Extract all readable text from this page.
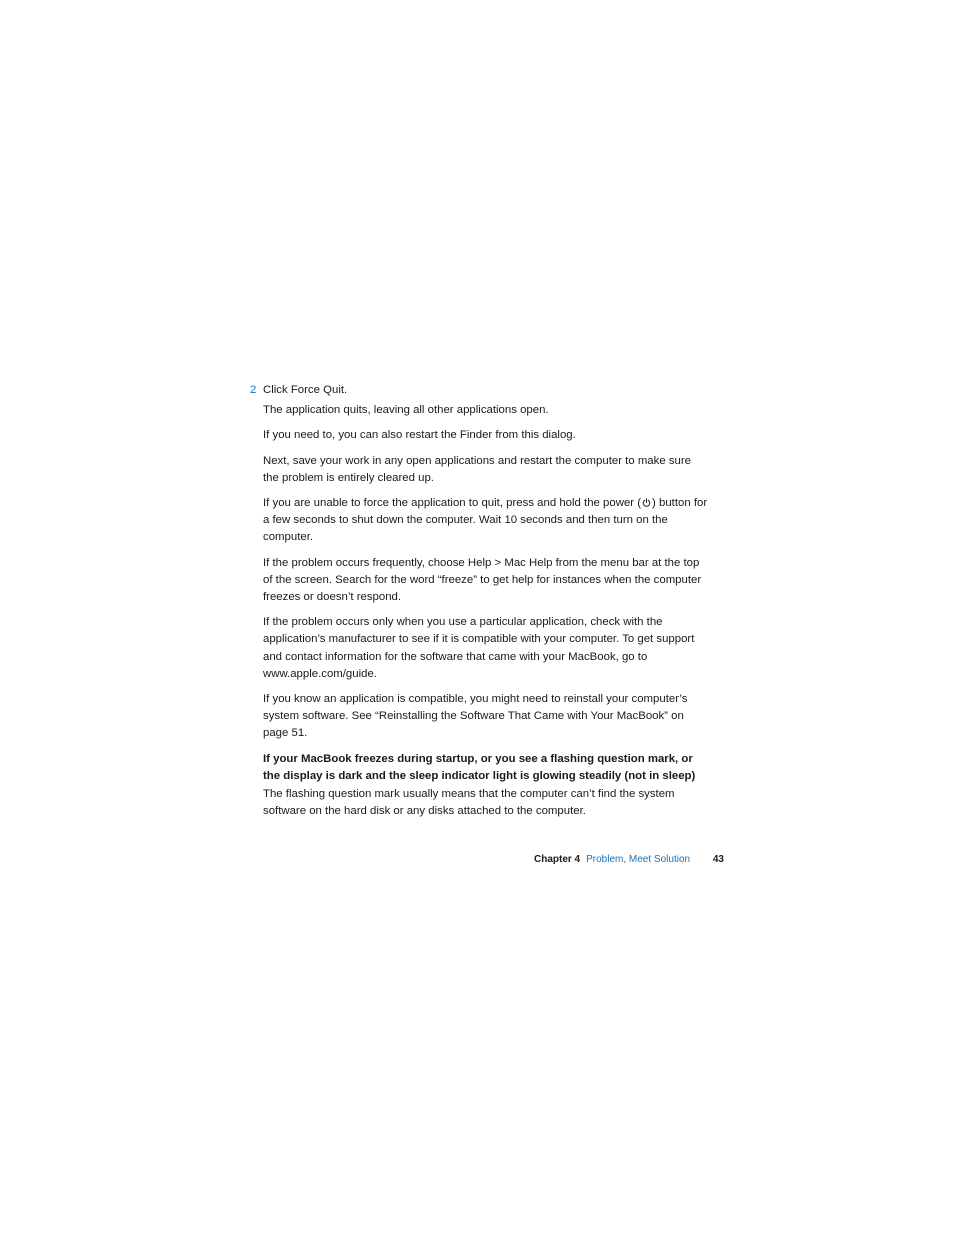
2 Click Force Quit.

The application quits, leaving all other applications open.

If you need to, you can also restart the Finder from this dialog.

Next, save your work in any open applications and restart the computer to make sure the problem is entirely cleared up.

If you are unable to force the application to quit, press and hold the power ( ) button for a few seconds to shut down the computer. Wait 10 seconds and then turn on the computer.

If the problem occurs frequently, choose Help > Mac Help from the menu bar at the top of the screen. Search for the word “freeze” to get help for instances when the computer freezes or doesn’t respond.

If the problem occurs only when you use a particular application, check with the application’s manufacturer to see if it is compatible with your computer. To get support and contact information for the software that came with your MacBook, go to www.apple.com/guide.

If you know an application is compatible, you might need to reinstall your computer’s system software. See “Reinstalling the Software That Came with Your MacBook” on page 51.

If your MacBook freezes during startup, or you see a flashing question mark, or the display is dark and the sleep indicator light is glowing steadily (not in sleep)

The flashing question mark usually means that the computer can’t find the system software on the hard disk or any disks attached to the computer.

Chapter 4 Problem, Meet Solution 43
